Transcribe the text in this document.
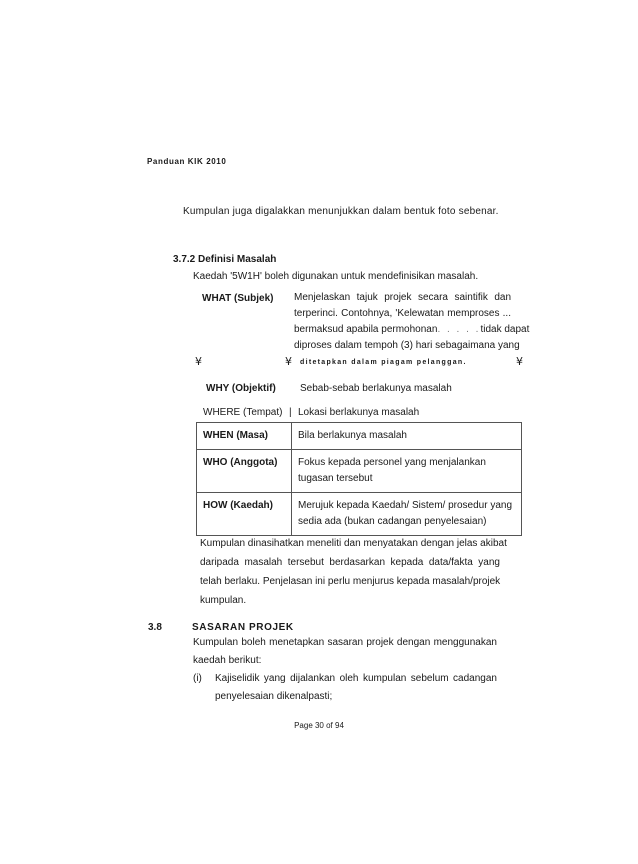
Panduan KIK 2010
Kumpulan juga digalakkan menunjukkan dalam bentuk foto sebenar.
3.7.2 Definisi Masalah
Kaedah '5W1H' boleh digunakan untuk mendefinisikan masalah.
WHAT (Subjek) Menjelaskan tajuk projek secara saintifik dan
terperinci. Contohnya, 'Kelewatan memproses ...
bermaksud apabila permohonan. . . . .tidak dapat
diproses dalam tempoh (3) hari sebagaimana yang
ditetapkan dalam piagam pelanggan.
¥	¥	¥
WHY (Objektif) Sebab-sebab berlakunya masalah
WHERE (Tempat) | Lokasi berlakunya masalah
WHEN (Masa)	Bila berlakunya masalah
WHO (Anggota)	Fokus kepada personel yang menjalankan tugasan tersebut
HOW (Kaedah)	Merujuk kepada Kaedah/ Sistem/ prosedur yang sedia ada (bukan cadangan penyelesaian)
Kumpulan dinasihatkan meneliti dan menyatakan dengan jelas akibat
daripada masalah tersebut berdasarkan kepada data/fakta yang
telah berlaku. Penjelasan ini perlu menjurus kepada masalah/projek
kumpulan.
3.8	SASARAN PROJEK
Kumpulan boleh menetapkan sasaran projek dengan menggunakan
kaedah berikut:
(i) Kajiselidik yang dijalankan oleh kumpulan sebelum cadangan
penyelesaian dikenalpasti;
Page 30 of 94
